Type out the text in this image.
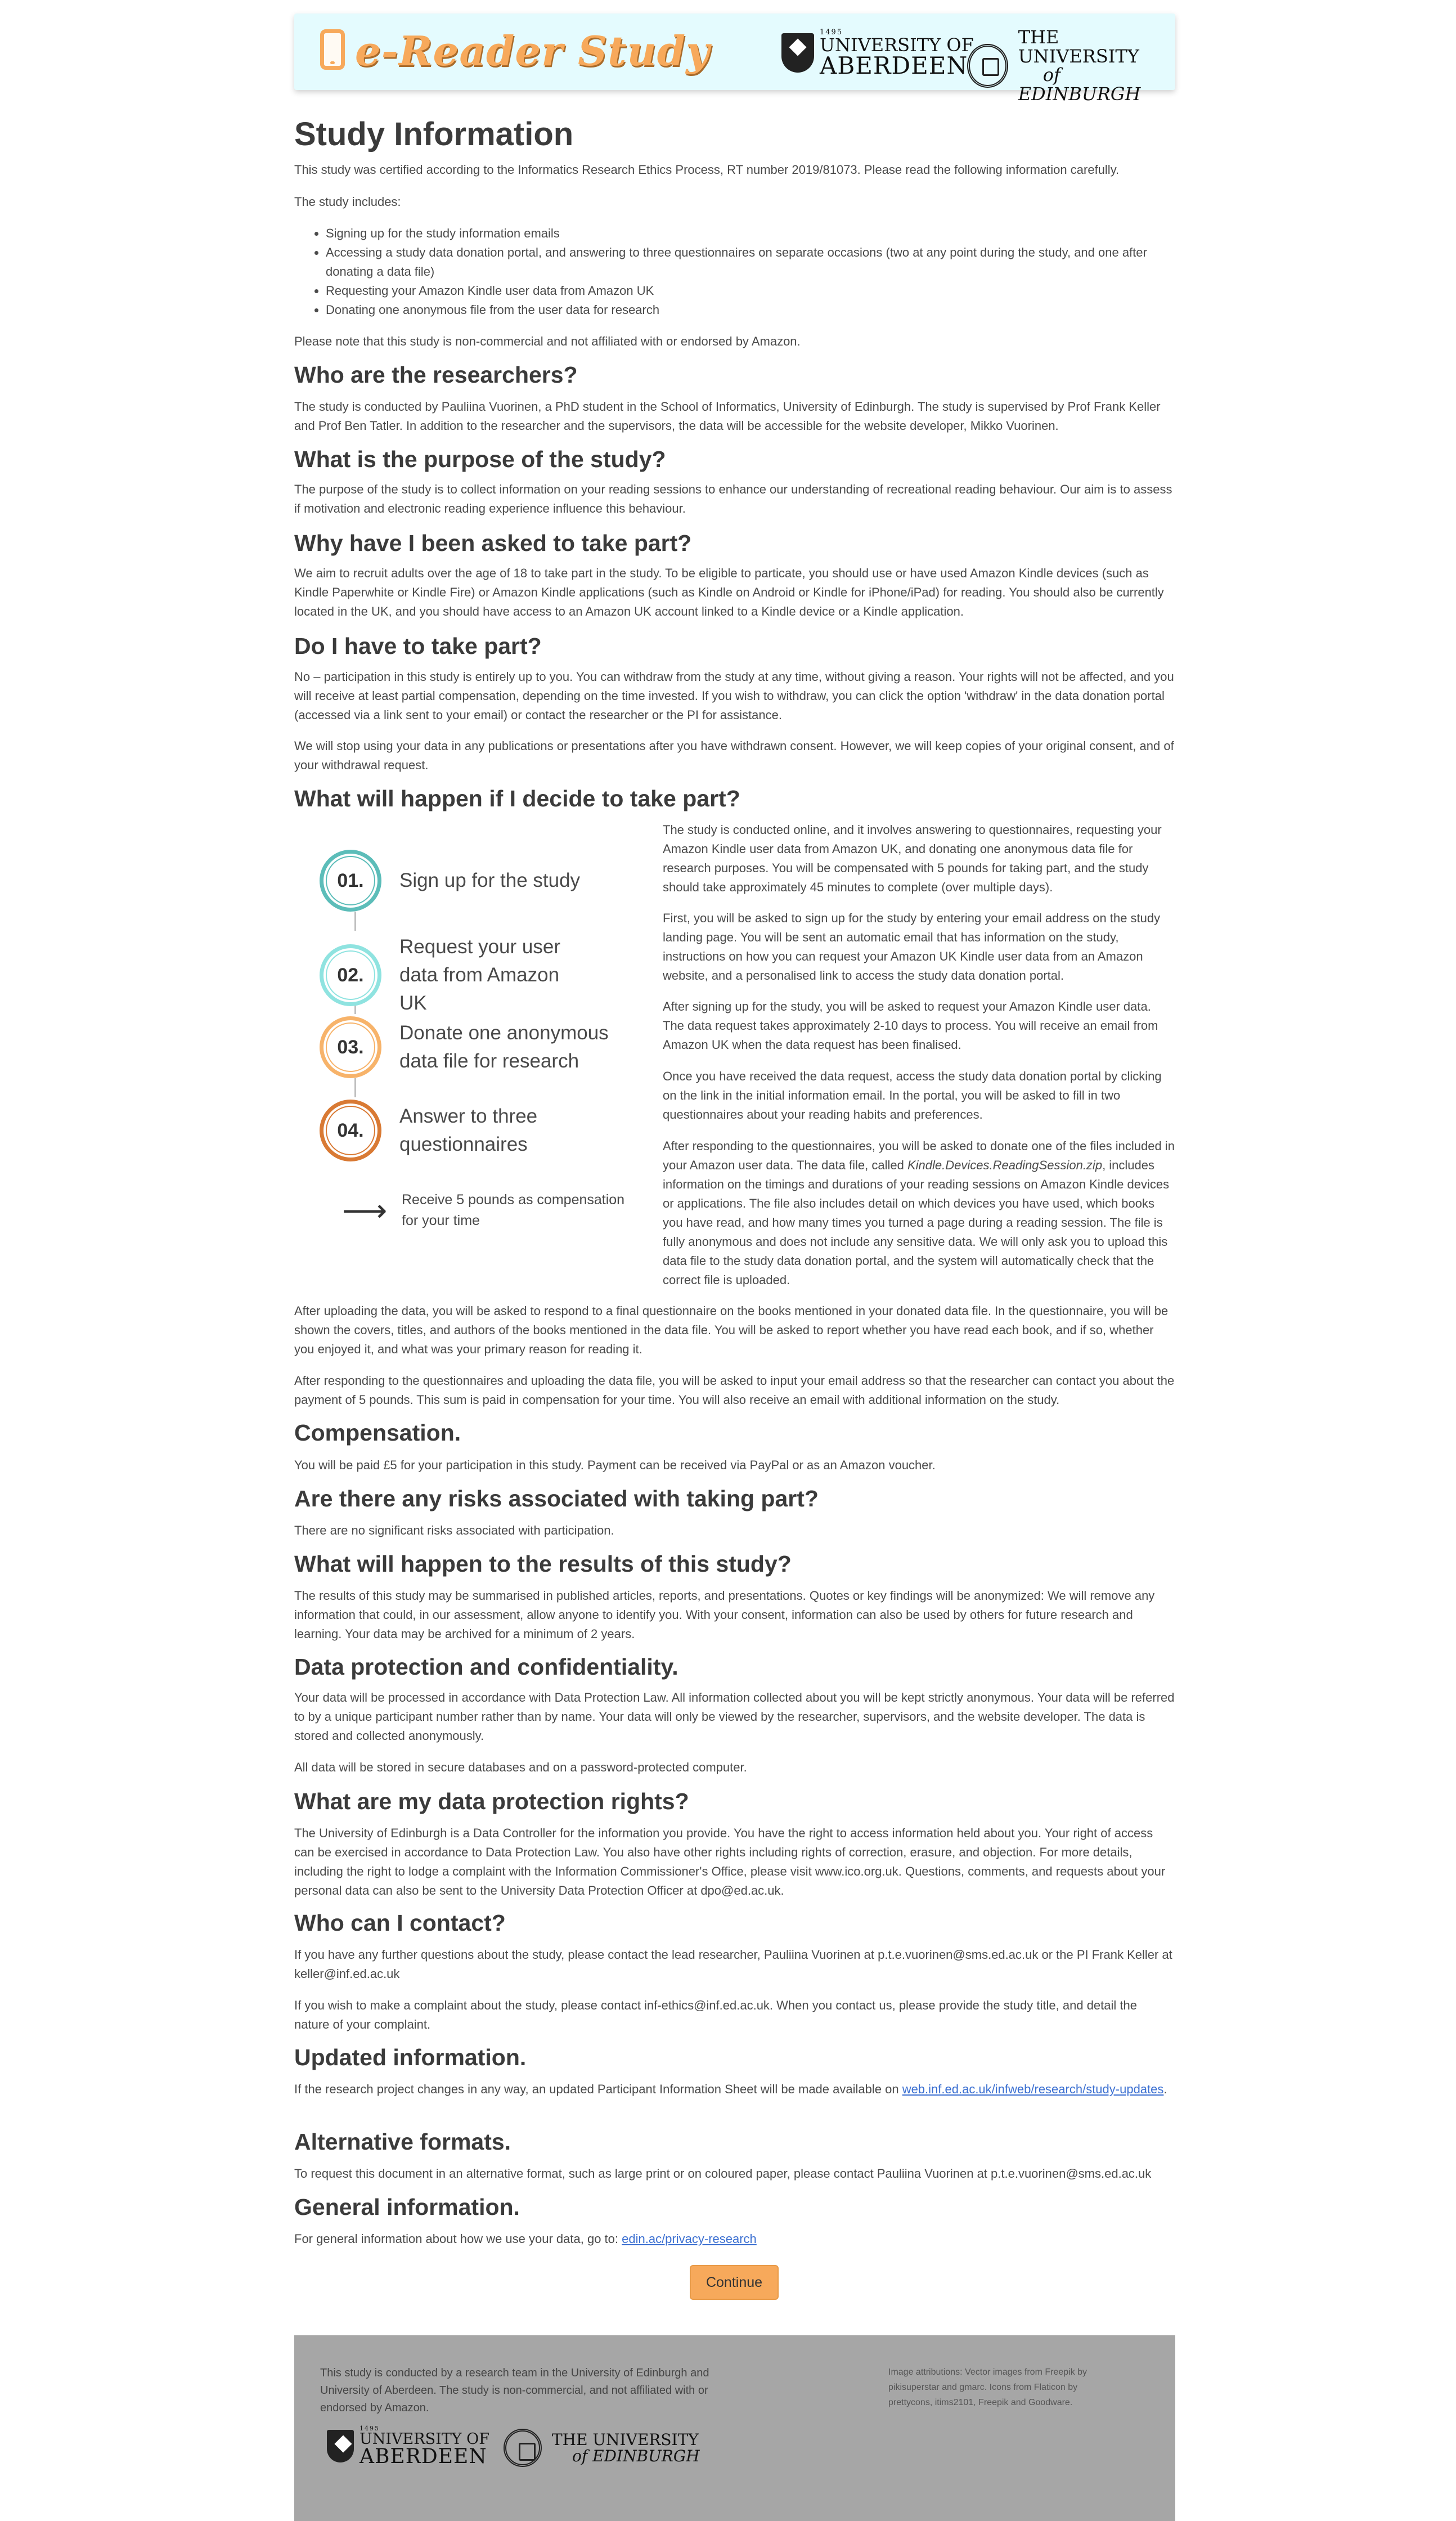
e-Reader Study	1495
UNIVERSITY OF
ABERDEEN
THE UNIVERSITY
of EDINBURGH
Study Information

This study was certified according to the Informatics Research Ethics Process, RT number 2019/81073. Please read the following information carefully.

The study includes:

• Signing up for the study information emails
• Accessing a study data donation portal, and answering to three questionnaires on separate occasions (two at any point during the study, and one after donating a data file)
• Requesting your Amazon Kindle user data from Amazon UK
• Donating one anonymous file from the user data for research

Please note that this study is non-commercial and not affiliated with or endorsed by Amazon.

Who are the researchers?

The study is conducted by Pauliina Vuorinen, a PhD student in the School of Informatics, University of Edinburgh. The study is supervised by Prof Frank Keller and Prof Ben Tatler. In addition to the researcher and the supervisors, the data will be accessible for the website developer, Mikko Vuorinen.

What is the purpose of the study?

The purpose of the study is to collect information on your reading sessions to enhance our understanding of recreational reading behaviour. Our aim is to assess if motivation and electronic reading experience influence this behaviour.

Why have I been asked to take part?

We aim to recruit adults over the age of 18 to take part in the study. To be eligible to particate, you should use or have used Amazon Kindle devices (such as Kindle Paperwhite or Kindle Fire) or Amazon Kindle applications (such as Kindle on Android or Kindle for iPhone/iPad) for reading. You should also be currently located in the UK, and you should have access to an Amazon UK account linked to a Kindle device or a Kindle application.

Do I have to take part?

No – participation in this study is entirely up to you. You can withdraw from the study at any time, without giving a reason. Your rights will not be affected, and you will receive at least partial compensation, depending on the time invested. If you wish to withdraw, you can click the option 'withdraw' in the data donation portal (accessed via a link sent to your email) or contact the researcher or the PI for assistance.

We will stop using your data in any publications or presentations after you have withdrawn consent. However, we will keep copies of your original consent, and of your withdrawal request.

What will happen if I decide to take part?
01. Sign up for the study
02.
Request your user data from Amazon UK
03.
Donate one anonymous data file for research
04.
Answer to three questionnaires
⟶ Receive 5 pounds as compensation for your time

The study is conducted online, and it involves answering to questionnaires, requesting your Amazon Kindle user data from Amazon UK, and donating one anonymous data file for research purposes. You will be compensated with 5 pounds for taking part, and the study should take approximately 45 minutes to complete (over multiple days).

First, you will be asked to sign up for the study by entering your email address on the study landing page. You will be sent an automatic email that has information on the study, instructions on how you can request your Amazon UK Kindle user data from an Amazon website, and a personalised link to access the study data donation portal.

After signing up for the study, you will be asked to request your Amazon Kindle user data. The data request takes approximately 2-10 days to process. You will receive an email from Amazon UK when the data request has been finalised.

Once you have received the data request, access the study data donation portal by clicking on the link in the initial information email. In the portal, you will be asked to fill in two questionnaires about your reading habits and preferences.

After responding to the questionnaires, you will be asked to donate one of the files included in your Amazon user data. The data file, called Kindle.Devices.ReadingSession.zip, includes information on the timings and durations of your reading sessions on Amazon Kindle devices or applications. The file also includes detail on which devices you have used, which books you have read, and how many times you turned a page during a reading session. The file is fully anonymous and does not include any sensitive data. We will only ask you to upload this data file to the study data donation portal, and the system will automatically check that the correct file is uploaded.

After uploading the data, you will be asked to respond to a final questionnaire on the books mentioned in your donated data file. In the questionnaire, you will be shown the covers, titles, and authors of the books mentioned in the data file. You will be asked to report whether you have read each book, and if so, whether you enjoyed it, and what was your primary reason for reading it.

After responding to the questionnaires and uploading the data file, you will be asked to input your email address so that the researcher can contact you about the payment of 5 pounds. This sum is paid in compensation for your time. You will also receive an email with additional information on the study.

Compensation.

You will be paid £5 for your participation in this study. Payment can be received via PayPal or as an Amazon voucher.

Are there any risks associated with taking part?

There are no significant risks associated with participation.

What will happen to the results of this study?

The results of this study may be summarised in published articles, reports, and presentations. Quotes or key findings will be anonymized: We will remove any information that could, in our assessment, allow anyone to identify you. With your consent, information can also be used by others for future research and learning. Your data may be archived for a minimum of 2 years.

Data protection and confidentiality.

Your data will be processed in accordance with Data Protection Law. All information collected about you will be kept strictly anonymous. Your data will be referred to by a unique participant number rather than by name. Your data will only be viewed by the researcher, supervisors, and the website developer. The data is stored and collected anonymously.

All data will be stored in secure databases and on a password-protected computer.

What are my data protection rights?

The University of Edinburgh is a Data Controller for the information you provide. You have the right to access information held about you. Your right of access can be exercised in accordance to Data Protection Law. You also have other rights including rights of correction, erasure, and objection. For more details, including the right to lodge a complaint with the Information Commissioner's Office, please visit www.ico.org.uk. Questions, comments, and requests about your personal data can also be sent to the University Data Protection Officer at dpo@ed.ac.uk.

Who can I contact?

If you have any further questions about the study, please contact the lead researcher, Pauliina Vuorinen at p.t.e.vuorinen@sms.ed.ac.uk or the PI Frank Keller at keller@inf.ed.ac.uk

If you wish to make a complaint about the study, please contact inf-ethics@inf.ed.ac.uk. When you contact us, please provide the study title, and detail the nature of your complaint.

Updated information.

If the research project changes in any way, an updated Participant Information Sheet will be made available on web.inf.ed.ac.uk/infweb/research/study-updates.

Alternative formats.

To request this document in an alternative format, such as large print or on coloured paper, please contact Pauliina Vuorinen at p.t.e.vuorinen@sms.ed.ac.uk

General information.

For general information about how we use your data, go to: edin.ac/privacy-research

Continue
This study is conducted by a research team in the University of Edinburgh and University of Aberdeen. The study is non-commercial, and not affiliated with or endorsed by Amazon.
Image attributions: Vector images from Freepik by pikisuperstar and gmarc. Icons from Flaticon by prettycons, itims2101, Freepik and Goodware.
1495
UNIVERSITY OF
ABERDEEN
THE UNIVERSITY
of EDINBURGH
